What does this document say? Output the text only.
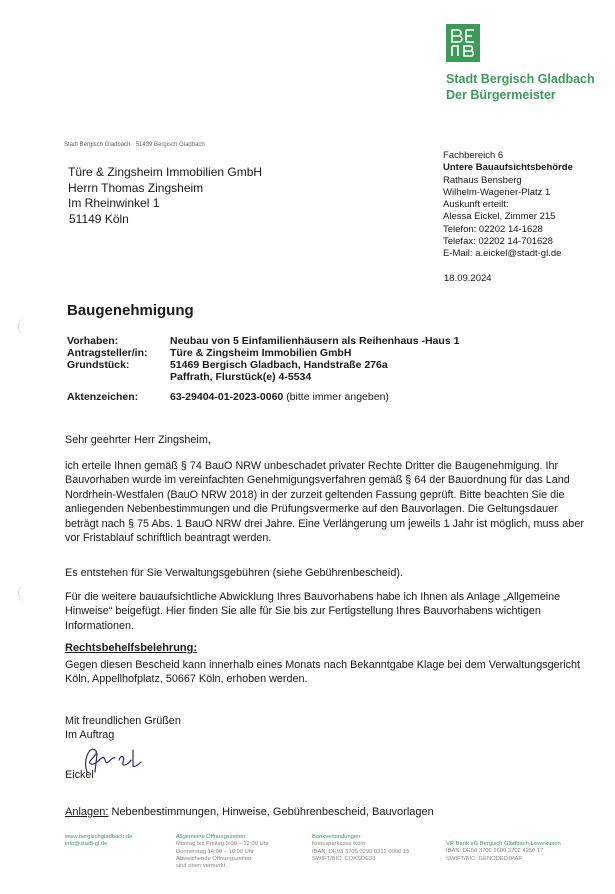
Stadt Bergisch Gladbach
Der Bürgermeister
Stadt Bergisch Gladbach · 51439 Bergisch Gladbach
Türe & Zingsheim Immobilien GmbH
Herrn Thomas Zingsheim
Im Rheinwinkel 1
51149 Köln
Fachbereich 6
Untere Bauaufsichtsbehörde
Rathaus Bensberg
Wilhelm-Wagener-Platz 1
Auskunft erteilt:
Alessa Eickel, Zimmer 215
Telefon: 02202 14-1628
Telefax: 02202 14-701628
E-Mail: a.eickel@stadt-gl.de
18.09.2024
Baugenehmigung
Vorhaben:	Neubau von 5 Einfamilienhäusern als Reihenhaus -Haus 1
Antragsteller/in: Türe & Zingsheim Immobilien GmbH
Grundstück:	51469 Bergisch Gladbach, Handstraße 276a
Paffrath, Flurstück(e) 4-5534
Aktenzeichen:	63-29404-01-2023-0060 (bitte immer angeben)
Sehr geehrter Herr Zingsheim,
ich erteile Ihnen gemäß § 74 BauO NRW unbeschadet privater Rechte Dritter die Baugenehmigung. Ihr Bauvorhaben wurde im vereinfachten Genehmigungsverfahren gemäß § 64 der Bauordnung für das Land Nordrhein-Westfalen (BauO NRW 2018) in der zurzeit geltenden Fassung geprüft. Bitte beachten Sie die anliegenden Nebenbestimmungen und die Prüfungsvermerke auf den Bauvorlagen. Die Geltungsdauer beträgt nach § 75 Abs. 1 BauO NRW drei Jahre. Eine Verlängerung um jeweils 1 Jahr ist möglich, muss aber vor Fristablauf schriftlich beantragt werden.
Es entstehen für Sie Verwaltungsgebühren (siehe Gebührenbescheid).
Für die weitere bauaufsichtliche Abwicklung Ihres Bauvorhabens habe ich Ihnen als Anlage „Allgemeine Hinweise“ beigefügt. Hier finden Sie alle für Sie bis zur Fertigstellung Ihres Bauvorhabens wichtigen Informationen.
Rechtsbehelfsbelehrung:
Gegen diesen Bescheid kann innerhalb eines Monats nach Bekanntgabe Klage bei dem Verwaltungsgericht Köln, Appellhofplatz, 50667 Köln, erhoben werden.
Mit freundlichen Grüßen
Im Auftrag
Eickel
Anlagen: Nebenbestimmungen, Hinweise, Gebührenbescheid, Bauvorlagen
www.bergischgladbach.de
info@stadt-gl.de
Allgemeine Öffnungszeiten:
Montag bis Freitag 9:00 – 12:00 Uhr
Donnerstag 14:00 – 18:00 Uhr
Abweichende Öffnungszeiten
sind oben vermerkt.
Bankverbindungen:
Kreissparkasse Köln
IBAN: DE93 3705 0299 0312 0000 15
SWIFT/BIC: COKSDE33
VR Bank eG Bergisch Gladbach-Leverkusen
IBAN: DE50 3706 2600 3702 4250 17
SWIFT/BIC: GENODED1PAF
